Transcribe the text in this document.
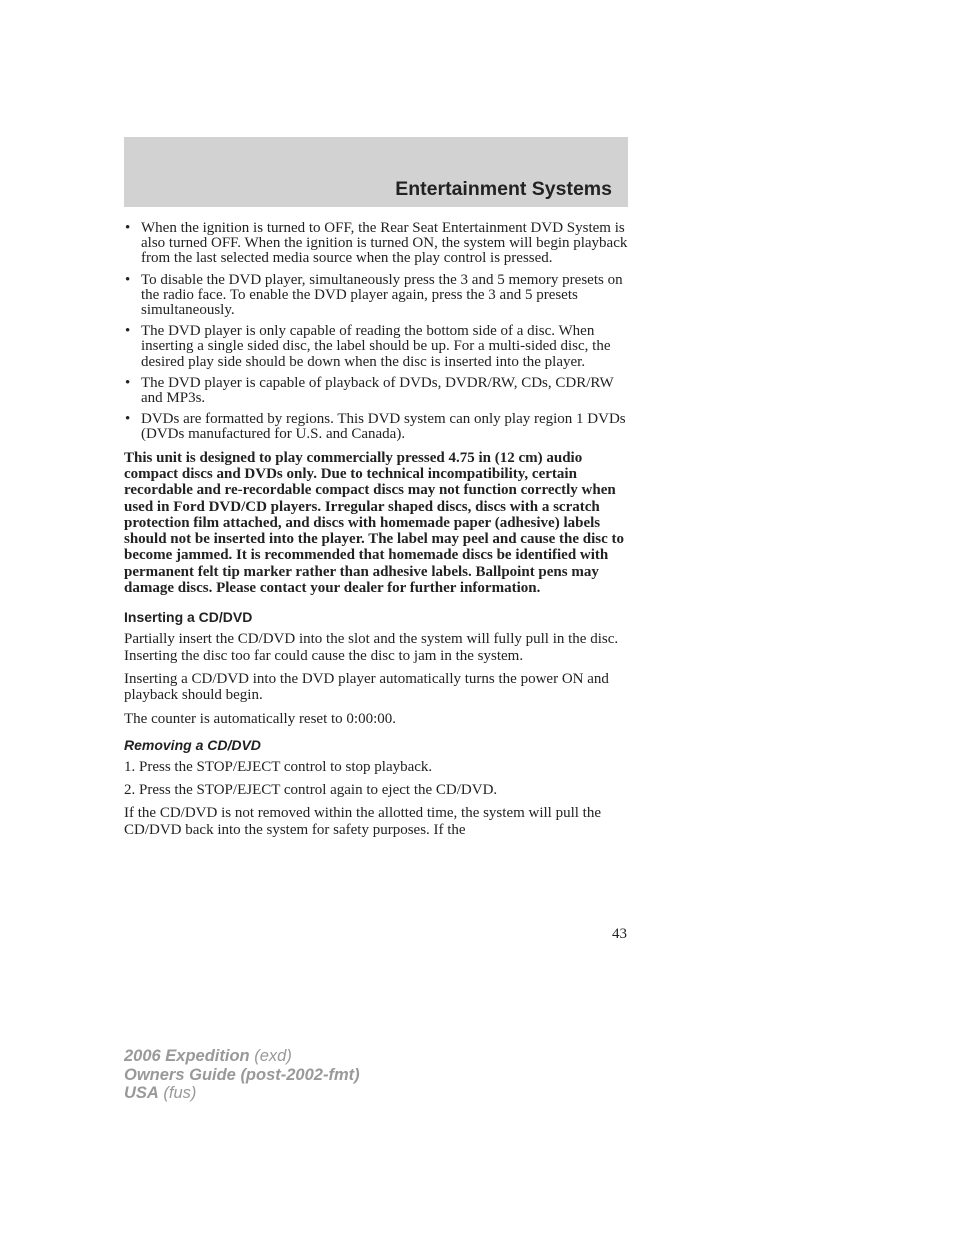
Entertainment Systems
• When the ignition is turned to OFF, the Rear Seat Entertainment DVD System is also turned OFF. When the ignition is turned ON, the system will begin playback from the last selected media source when the play control is pressed.
• To disable the DVD player, simultaneously press the 3 and 5 memory presets on the radio face. To enable the DVD player again, press the 3 and 5 presets simultaneously.
• The DVD player is only capable of reading the bottom side of a disc. When inserting a single sided disc, the label should be up. For a multi-sided disc, the desired play side should be down when the disc is inserted into the player.
• The DVD player is capable of playback of DVDs, DVDR/RW, CDs, CDR/RW and MP3s.
• DVDs are formatted by regions. This DVD system can only play region 1 DVDs (DVDs manufactured for U.S. and Canada).
This unit is designed to play commercially pressed 4.75 in (12 cm) audio compact discs and DVDs only. Due to technical incompatibility, certain recordable and re-recordable compact discs may not function correctly when used in Ford DVD/CD players. Irregular shaped discs, discs with a scratch protection film attached, and discs with homemade paper (adhesive) labels should not be inserted into the player. The label may peel and cause the disc to become jammed. It is recommended that homemade discs be identified with permanent felt tip marker rather than adhesive labels. Ballpoint pens may damage discs. Please contact your dealer for further information.
Inserting a CD/DVD

Partially insert the CD/DVD into the slot and the system will fully pull in the disc. Inserting the disc too far could cause the disc to jam in the system.

Inserting a CD/DVD into the DVD player automatically turns the power ON and playback should begin.

The counter is automatically reset to 0:00:00.

Removing a CD/DVD

1. Press the STOP/EJECT control to stop playback.

2. Press the STOP/EJECT control again to eject the CD/DVD.

If the CD/DVD is not removed within the allotted time, the system will pull the CD/DVD back into the system for safety purposes. If the

43
2006 Expedition (exd)
Owners Guide (post-2002-fmt)
USA (fus)
